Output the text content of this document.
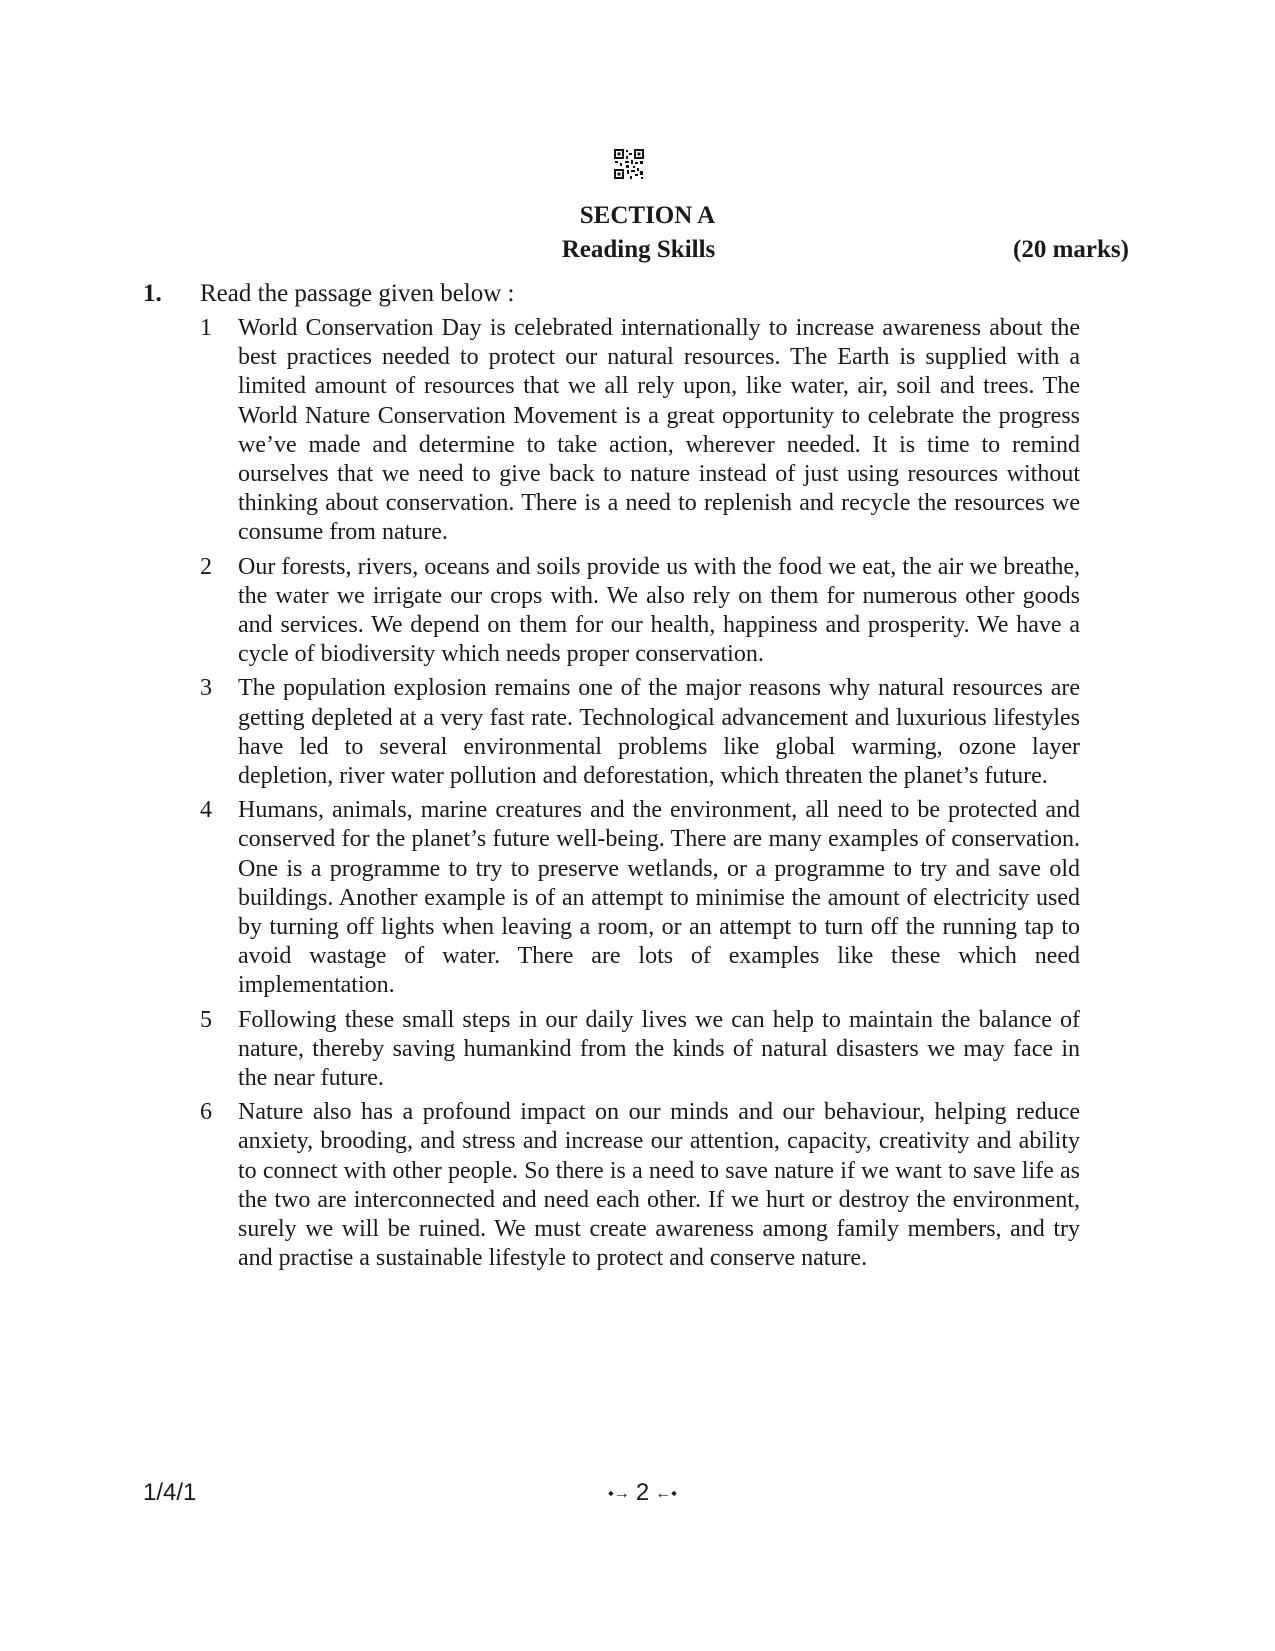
SECTION A
Reading Skills	(20 marks)
1. Read the passage given below :
1	World Conservation Day is celebrated internationally to increase awareness about the best practices needed to protect our natural resources. The Earth is supplied with a limited amount of resources that we all rely upon, like water, air, soil and trees. The World Nature Conservation Movement is a great opportunity to celebrate the progress we’ve made and determine to take action, wherever needed. It is time to remind ourselves that we need to give back to nature instead of just using resources without thinking about conservation. There is a need to replenish and recycle the resources we consume from nature.
2	Our forests, rivers, oceans and soils provide us with the food we eat, the air we breathe, the water we irrigate our crops with. We also rely on them for numerous other goods and services. We depend on them for our health, happiness and prosperity. We have a cycle of biodiversity which needs proper conservation.
3	The population explosion remains one of the major reasons why natural resources are getting depleted at a very fast rate. Technological advancement and luxurious lifestyles have led to several environmental problems like global warming, ozone layer depletion, river water pollution and deforestation, which threaten the planet’s future.
4	Humans, animals, marine creatures and the environment, all need to be protected and conserved for the planet’s future well-being. There are many examples of conservation. One is a programme to try to preserve wetlands, or a programme to try and save old buildings. Another example is of an attempt to minimise the amount of electricity used by turning off lights when leaving a room, or an attempt to turn off the running tap to avoid wastage of water. There are lots of examples like these which need implementation.
5	Following these small steps in our daily lives we can help to maintain the balance of nature, thereby saving humankind from the kinds of natural disasters we may face in the near future.
6	Nature also has a profound impact on our minds and our behaviour, helping reduce anxiety, brooding, and stress and increase our attention, capacity, creativity and ability to connect with other people. So there is a need to save nature if we want to save life as the two are interconnected and need each other. If we hurt or destroy the environment, surely we will be ruined. We must create awareness among family members, and try and practise a sustainable lifestyle to protect and conserve nature.
1/4/1	⬩→ 2 ←⬩
